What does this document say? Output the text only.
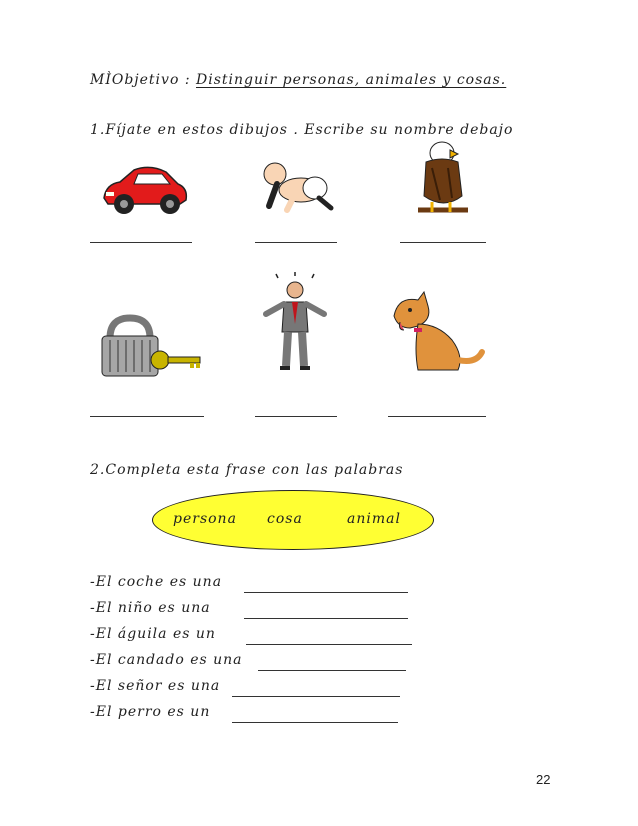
MÌObjetivo : Distinguir personas, animales y cosas.
1.Fíjate en estos dibujos . Escribe su nombre debajo
2.Completa esta frase con las palabras
persona cosa	animal
-El coche es una
-El niño es una
-El águila es un
-El candado es una
-El señor es una
-El perro es un
22
